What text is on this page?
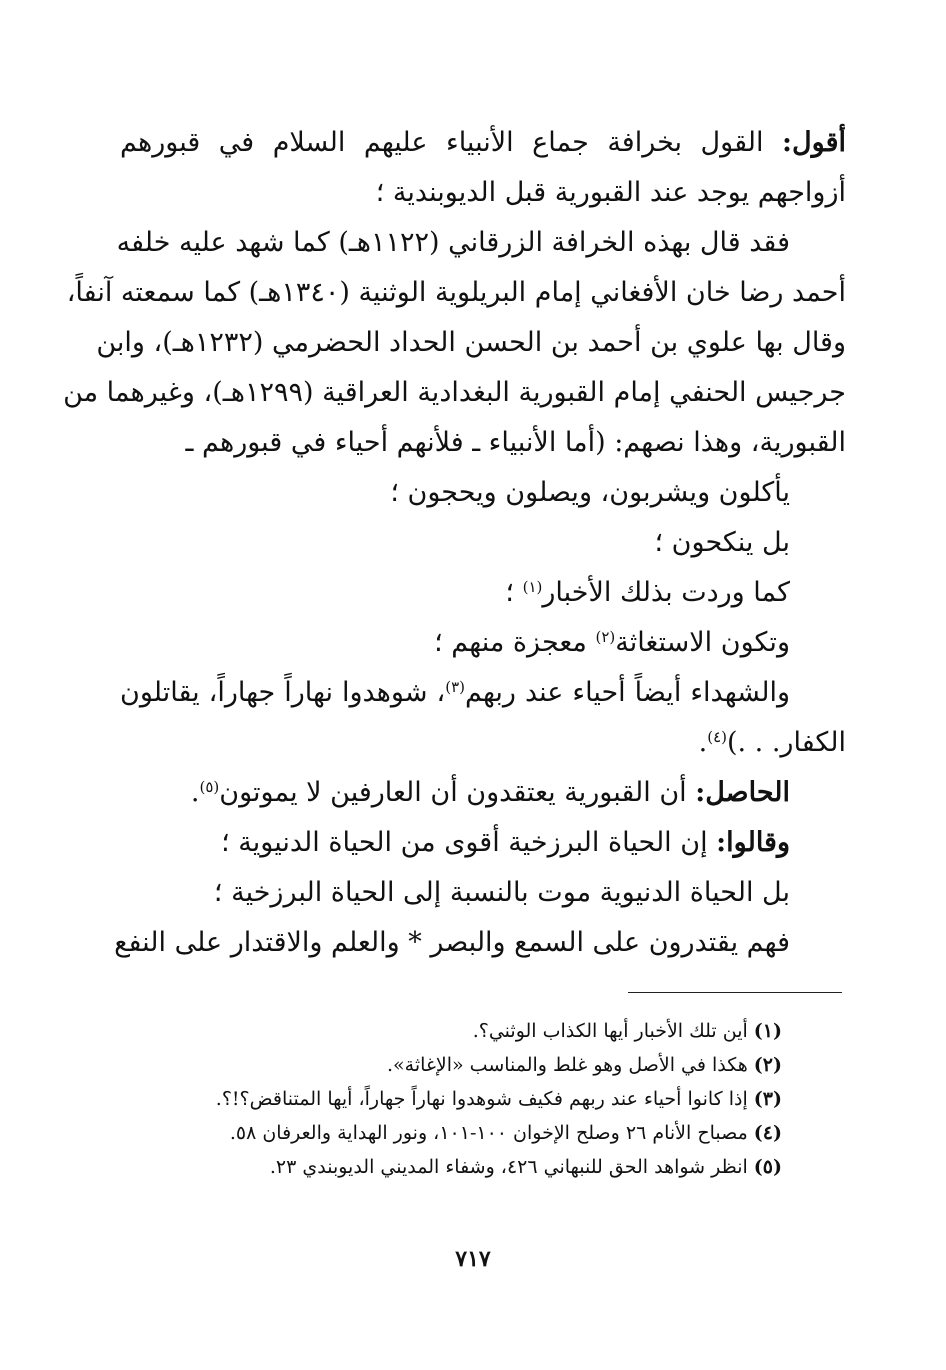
أقول: القول بخرافة جماع الأنبياء عليهم السلام في قبورهم
أزواجهم يوجد عند القبورية قبل الديوبندية ؛
فقد قال بهذه الخرافة الزرقاني (١١٢٢هـ) كما شهد عليه خلفه
أحمد رضا خان الأفغاني إمام البريلوية الوثنية (١٣٤٠هـ) كما سمعته آنفاً،
وقال بها علوي بن أحمد بن الحسن الحداد الحضرمي (١٢٣٢هـ)، وابن
جرجيس الحنفي إمام القبورية البغدادية العراقية (١٢٩٩هـ)، وغيرهما من
القبورية، وهذا نصهم: (أما الأنبياء ـ فلأنهم أحياء في قبورهم ـ
يأكلون ويشربون، ويصلون ويحجون ؛
بل ينكحون ؛
كما وردت بذلك الأخبار$^{(١)}$ ؛
وتكون الاستغاثة$^{(٢)}$ معجزة منهم ؛
والشهداء أيضاً أحياء عند ربهم$^{(٣)}$، شوهدوا نهاراً جهاراً، يقاتلون
الكفار. . .)$^{(٤)}$.
الحاصل: أن القبورية يعتقدون أن العارفين لا يموتون$^{(٥)}$.
وقالوا: إن الحياة البرزخية أقوى من الحياة الدنيوية ؛
بل الحياة الدنيوية موت بالنسبة إلى الحياة البرزخية ؛
فهم يقتدرون على السمع والبصر * والعلم والاقتدار على النفع
(١)أين تلك الأخبار أيها الكذاب الوثني؟.
(٢)هكذا في الأصل وهو غلط والمناسب «الإغاثة».
(٣)إذا كانوا أحياء عند ربهم فكيف شوهدوا نهاراً جهاراً، أيها المتناقض؟!؟.
(٤)مصباح الأنام ٢٦ وصلح الإخوان ١٠٠-١٠١، ونور الهداية والعرفان ٥٨.
(٥)انظر شواهد الحق للنبهاني ٤٢٦، وشفاء المديني الديوبندي ٢٣.
٧١٧
